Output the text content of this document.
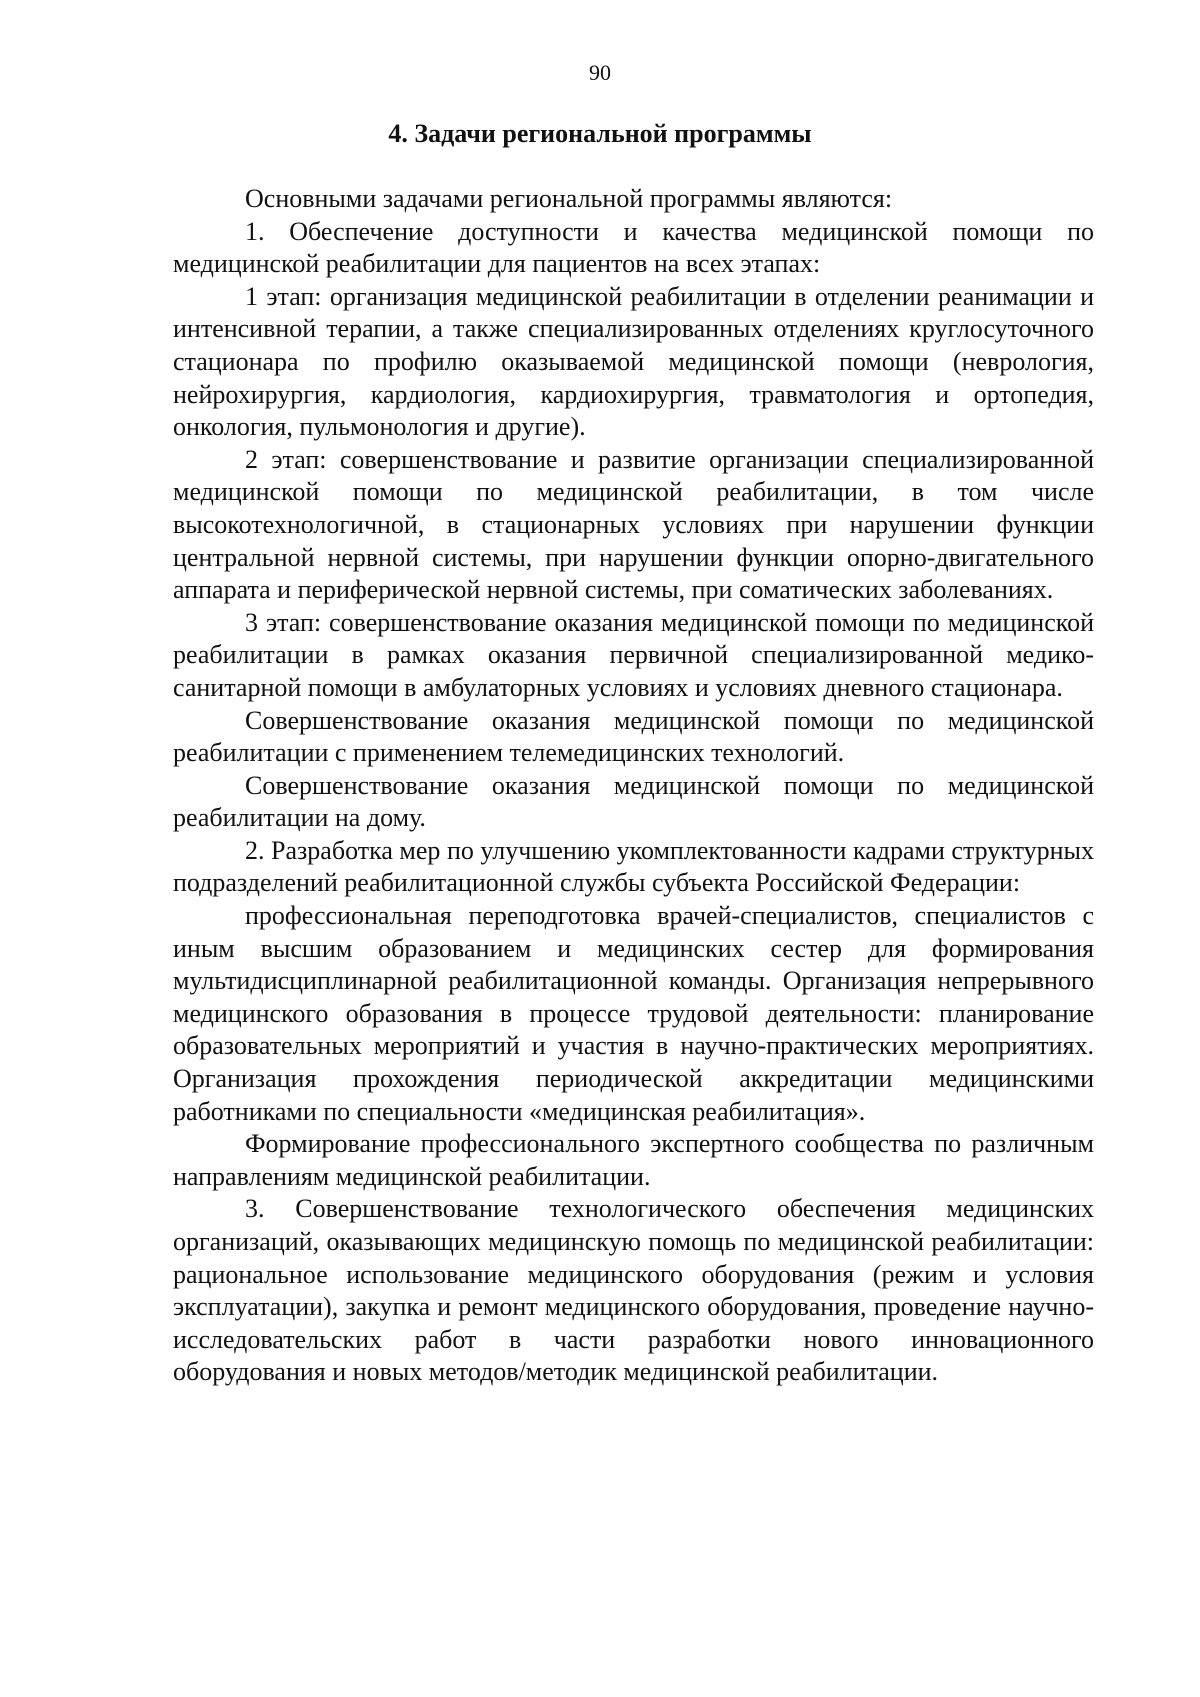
90
4. Задачи региональной программы

Основными задачами региональной программы являются:

1. Обеспечение доступности и качества медицинской помощи по медицинской реабилитации для пациентов на всех этапах:

1 этап: организация медицинской реабилитации в отделении реанимации и интенсивной терапии, а также специализированных отделениях круглосуточного стационара по профилю оказываемой медицинской помощи (неврология, нейрохирургия, кардиология, кардиохирургия, травматология и ортопедия, онкология, пульмонология и другие).

2 этап: совершенствование и развитие организации специализированной медицинской помощи по медицинской реабилитации, в том числе высокотехнологичной, в стационарных условиях при нарушении функции центральной нервной системы, при нарушении функции опорно-двигательного аппарата и периферической нервной системы, при соматических заболеваниях.

3 этап: совершенствование оказания медицинской помощи по медицинской реабилитации в рамках оказания первичной специализированной медико-санитарной помощи в амбулаторных условиях и условиях дневного стационара.

Совершенствование оказания медицинской помощи по медицинской реабилитации с применением телемедицинских технологий.

Совершенствование оказания медицинской помощи по медицинской реабилитации на дому.

2. Разработка мер по улучшению укомплектованности кадрами структурных подразделений реабилитационной службы субъекта Российской Федерации:

профессиональная переподготовка врачей-специалистов, специалистов с иным высшим образованием и медицинских сестер для формирования мультидисциплинарной реабилитационной команды. Организация непрерывного медицинского образования в процессе трудовой деятельности: планирование образовательных мероприятий и участия в научно-практических мероприятиях. Организация прохождения периодической аккредитации медицинскими работниками по специальности «медицинская реабилитация».

Формирование профессионального экспертного сообщества по различным направлениям медицинской реабилитации.

3. Совершенствование технологического обеспечения медицинских организаций, оказывающих медицинскую помощь по медицинской реабилитации: рациональное использование медицинского оборудования (режим и условия эксплуатации), закупка и ремонт медицинского оборудования, проведение научно-исследовательских работ в части разработки нового инновационного оборудования и новых методов/методик медицинской реабилитации.
